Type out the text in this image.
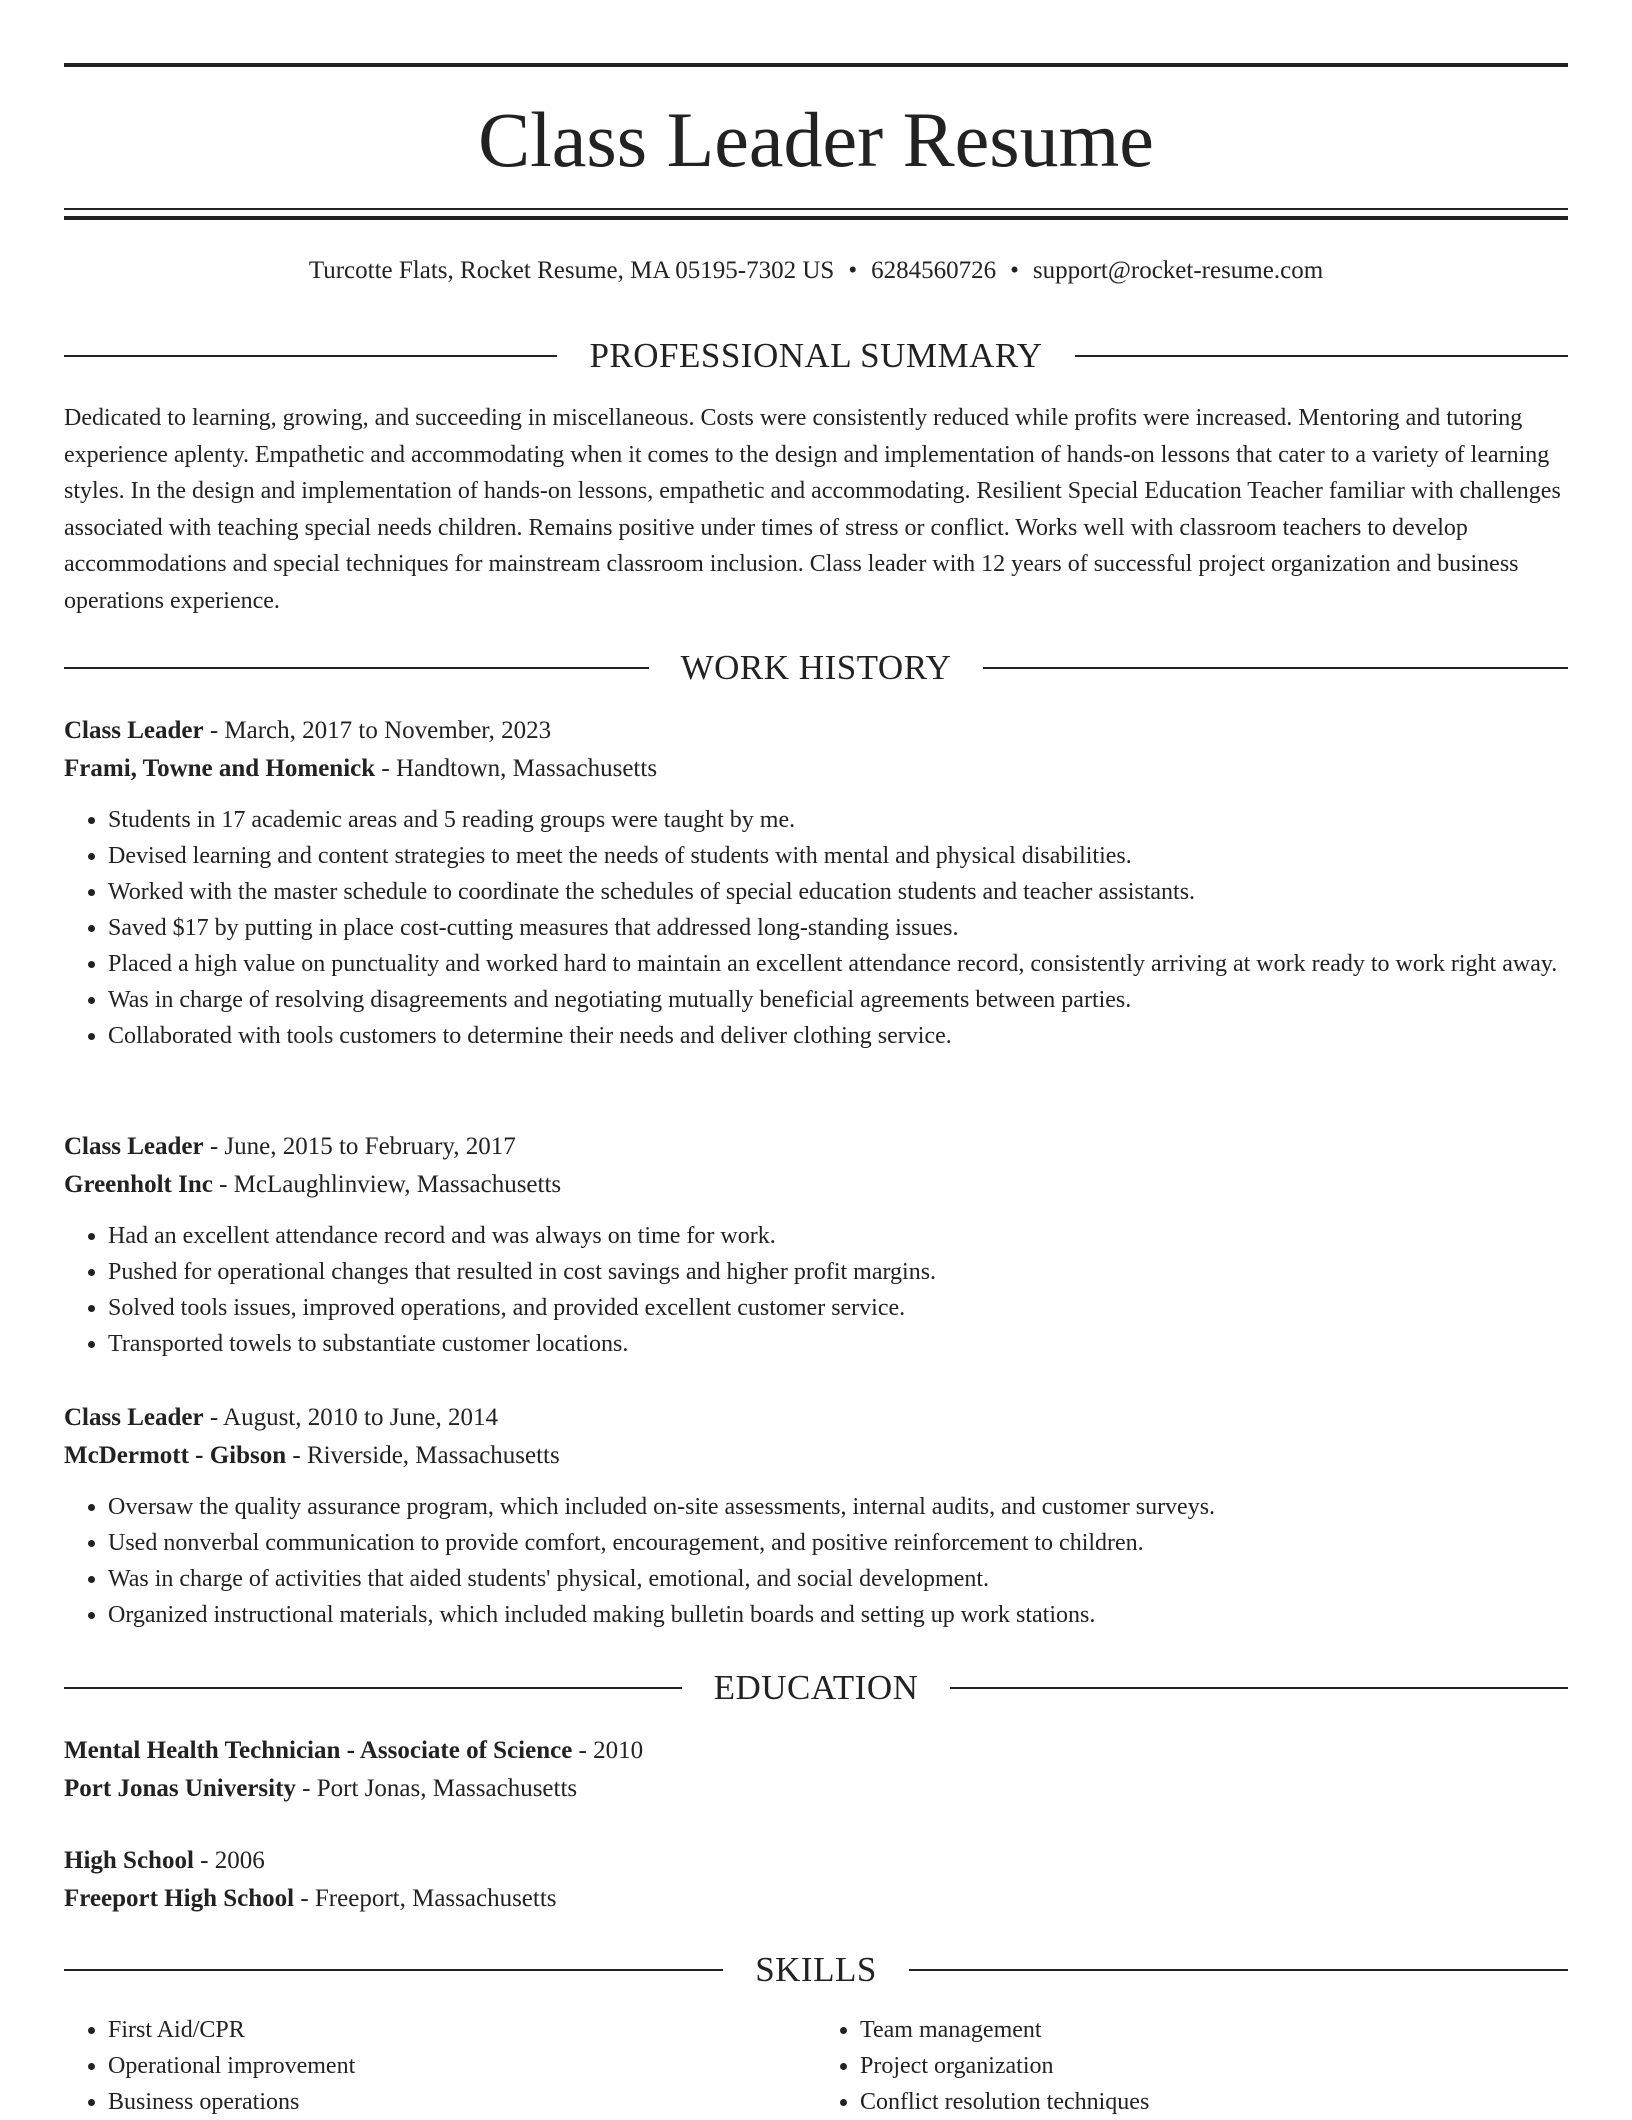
Class Leader Resume
Turcotte Flats, Rocket Resume, MA 05195-7302 US • 6284560726 • support@rocket-resume.com
PROFESSIONAL SUMMARY

Dedicated to learning, growing, and succeeding in miscellaneous. Costs were consistently reduced while profits were increased. Mentoring and tutoring experience aplenty. Empathetic and accommodating when it comes to the design and implementation of hands-on lessons that cater to a variety of learning styles. In the design and implementation of hands-on lessons, empathetic and accommodating. Resilient Special Education Teacher familiar with challenges associated with teaching special needs children. Remains positive under times of stress or conflict. Works well with classroom teachers to develop accommodations and special techniques for mainstream classroom inclusion. Class leader with 12 years of successful project organization and business operations experience.

WORK HISTORY
Class Leader - March, 2017 to November, 2023
Frami, Towne and Homenick - Handtown, Massachusetts
• Students in 17 academic areas and 5 reading groups were taught by me.
• Devised learning and content strategies to meet the needs of students with mental and physical disabilities.
• Worked with the master schedule to coordinate the schedules of special education students and teacher assistants.
• Saved $17 by putting in place cost-cutting measures that addressed long-standing issues.
• Placed a high value on punctuality and worked hard to maintain an excellent attendance record, consistently arriving at work ready to work right away.
• Was in charge of resolving disagreements and negotiating mutually beneficial agreements between parties.
• Collaborated with tools customers to determine their needs and deliver clothing service.
Class Leader - June, 2015 to February, 2017
Greenholt Inc - McLaughlinview, Massachusetts
• Had an excellent attendance record and was always on time for work.
• Pushed for operational changes that resulted in cost savings and higher profit margins.
• Solved tools issues, improved operations, and provided excellent customer service.
• Transported towels to substantiate customer locations.
Class Leader - August, 2010 to June, 2014
McDermott - Gibson - Riverside, Massachusetts
• Oversaw the quality assurance program, which included on-site assessments, internal audits, and customer surveys.
• Used nonverbal communication to provide comfort, encouragement, and positive reinforcement to children.
• Was in charge of activities that aided students' physical, emotional, and social development.
• Organized instructional materials, which included making bulletin boards and setting up work stations.
EDUCATION
Mental Health Technician - Associate of Science - 2010
Port Jonas University - Port Jonas, Massachusetts
High School - 2006
Freeport High School - Freeport, Massachusetts
SKILLS
• First Aid/CPR
• Operational improvement
• Business operations
• Team management
• Project organization
• Conflict resolution techniques
